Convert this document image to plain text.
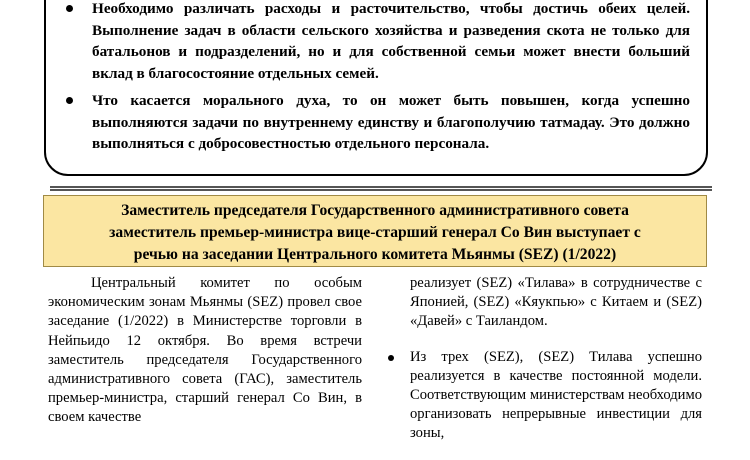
Необходимо различать расходы и расточительство, чтобы достичь обеих целей. Выполнение задач в области сельского хозяйства и разведения скота не только для батальонов и подразделений, но и для собственной семьи может внести больший вклад в благосостояние отдельных семей.
Что касается морального духа, то он может быть повышен, когда успешно выполняются задачи по внутреннему единству и благополучию татмадау. Это должно выполняться с добросовестностью отдельного персонала.
Заместитель председателя Государственного административного совета
заместитель премьер-министра вице-старший генерал Со Вин выступает с
речью на заседании Центрального комитета Мьянмы (SEZ) (1/2022)

Центральный комитет по особым экономическим зонам Мьянмы (SEZ) провел свое заседание (1/2022) в Министерстве торговли в Нейпьидо 12 октября. Во время встречи заместитель председателя Государственного административного совета (ГАС), заместитель премьер-министра, старший генерал Со Вин, в своем качестве

реализует (SEZ) «Тилава» в сотрудничестве с Японией, (SEZ) «Кяукпью» с Китаем и (SEZ) «Давей» с Таиландом.

Из трех (SEZ), (SEZ) Тилава успешно реализуется в качестве постоянной модели. Соответствующим министерствам необходимо организовать непрерывные инвестиции для зоны,
